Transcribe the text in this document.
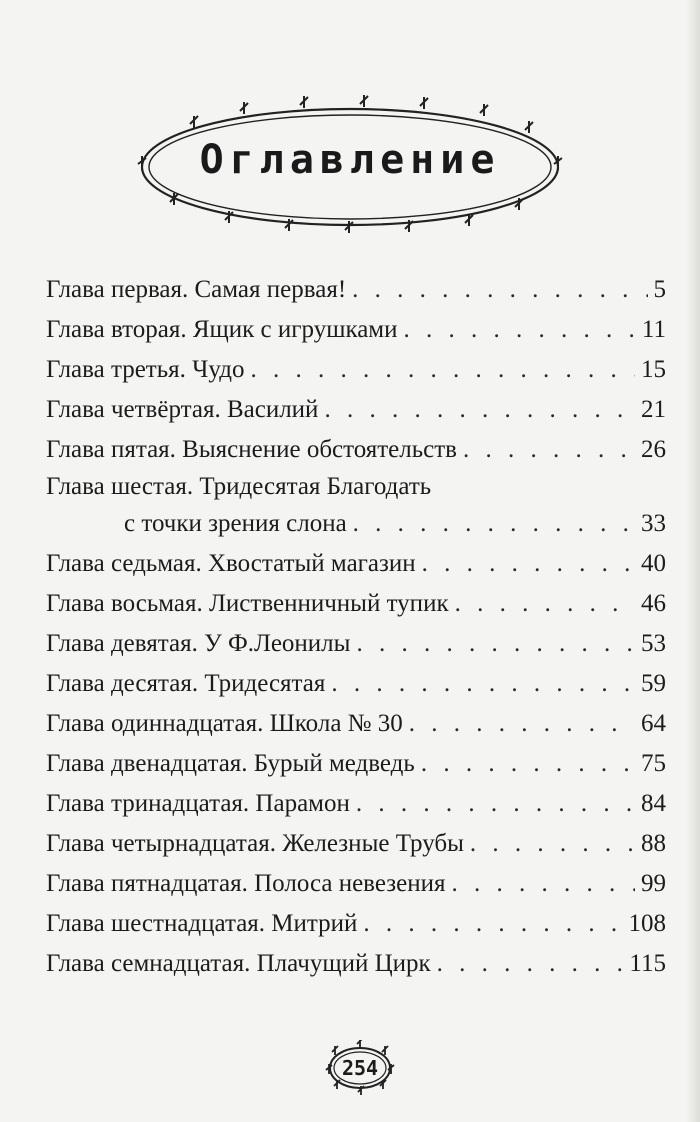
Оглавление
Глава первая. Самая первая! . . .	5
Глава вторая. Ящик с игрушками . . .	11
Глава третья. Чудо . . .	15
Глава четвёртая. Василий . . .	21
Глава пятая. Выяснение обстоятельств . . .	26
Глава шестая. Тридесятая Благодать
с точки зрения слона . . .	33
Глава седьмая. Хвостатый магазин . . .	40
Глава восьмая. Лиственничный тупик . . .	46
Глава девятая. У Ф.Леонилы . . .	53
Глава десятая. Тридесятая . . .	59
Глава одиннадцатая. Школа № 30 . . .	64
Глава двенадцатая. Бурый медведь . . .	75
Глава тринадцатая. Парамон . . .	84
Глава четырнадцатая. Железные Трубы . . .	88
Глава пятнадцатая. Полоса невезения . . .	99
Глава шестнадцатая. Митрий . . .	108
Глава семнадцатая. Плачущий Цирк . . .	115
254
